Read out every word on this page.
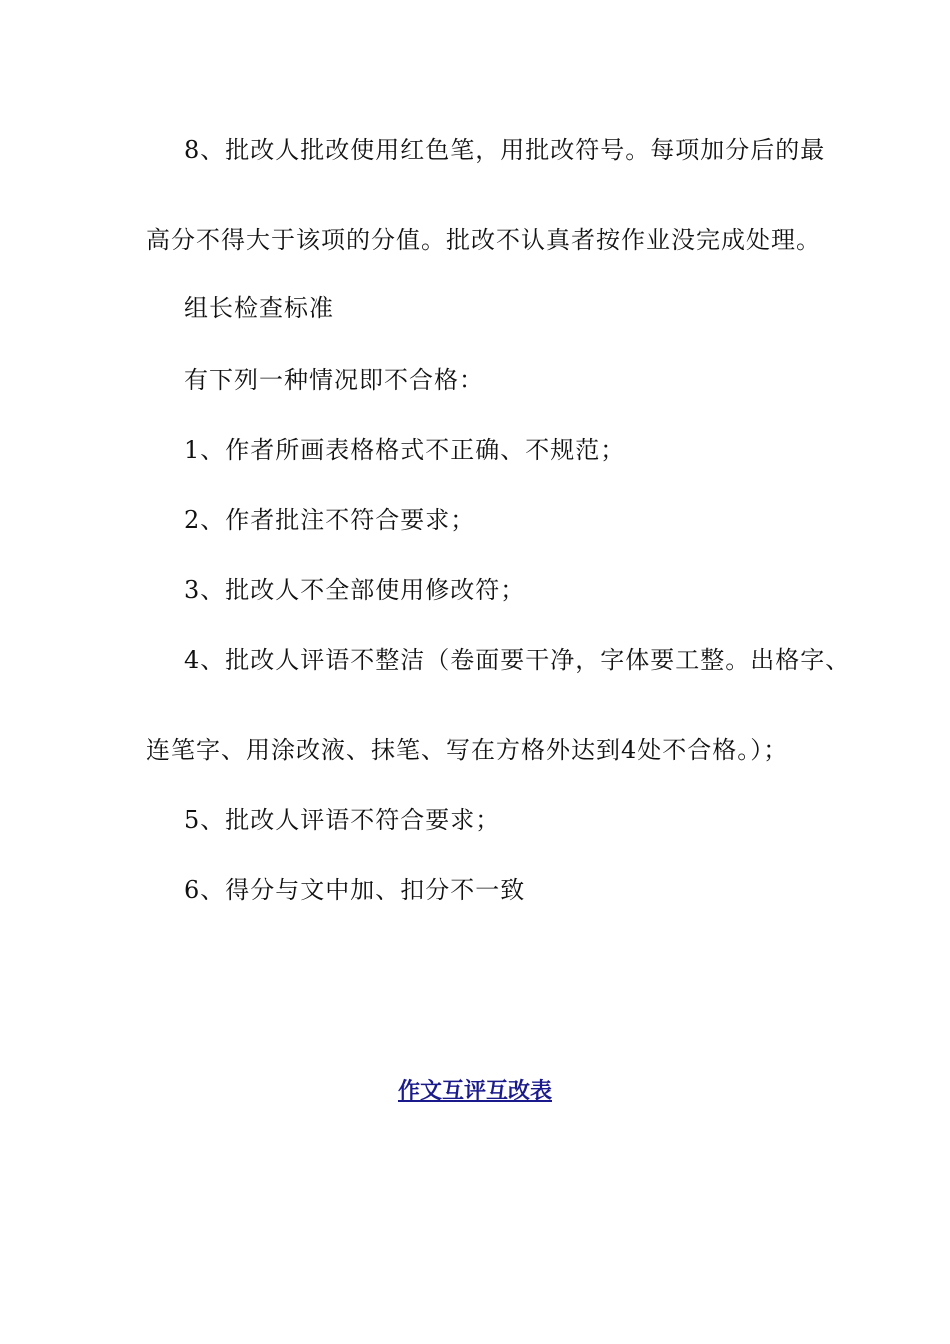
8、批改人批改使用红色笔，用批改符号。每项加分后的最
高分不得大于该项的分值。批改不认真者按作业没完成处理。
组长检查标准
有下列一种情况即不合格：
1、作者所画表格格式不正确、不规范；
2、作者批注不符合要求；
3、批改人不全部使用修改符；
4、批改人评语不整洁（卷面要干净，字体要工整。出格字、
连笔字、用涂改液、抹笔、写在方格外达到4处不合格。）；
5、批改人评语不符合要求；
6、得分与文中加、扣分不一致
作文互评互改表
